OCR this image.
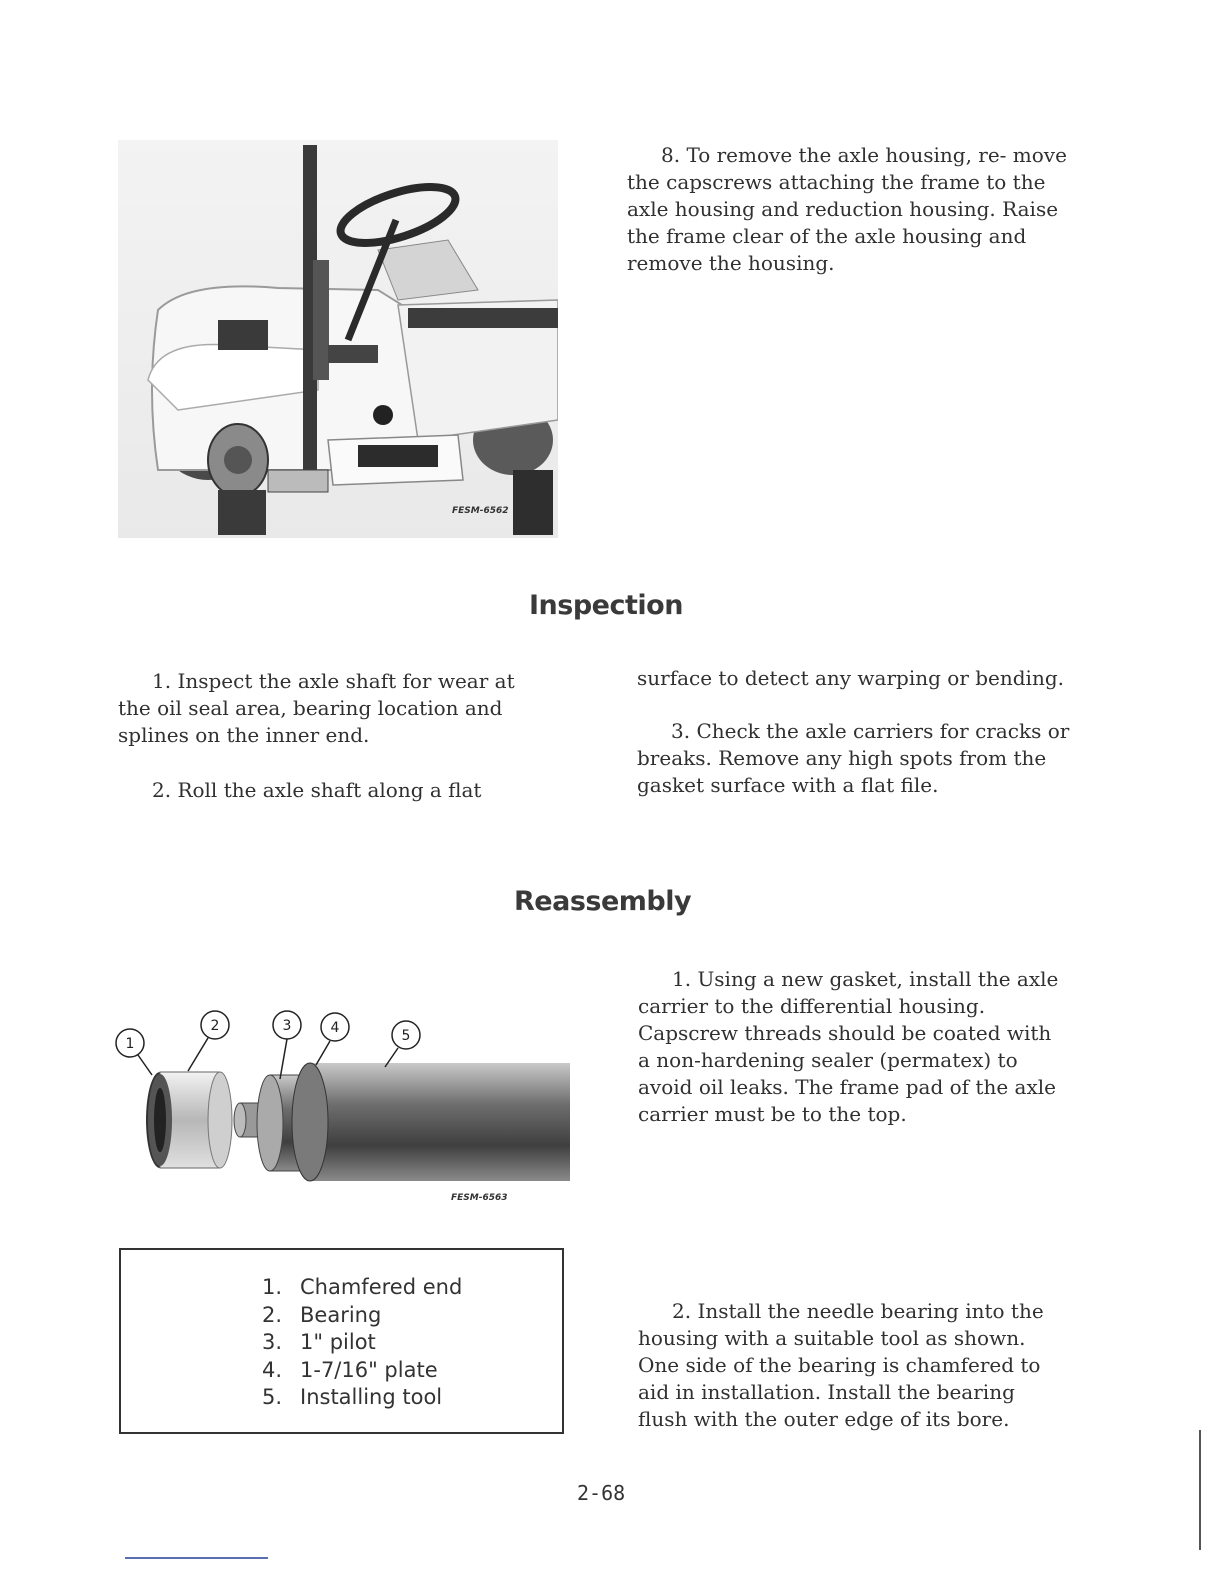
FESM-6562

8. To remove the axle housing, re- move the capscrews attaching the frame to the axle housing and reduction housing. Raise the frame clear of the axle housing and remove the housing.

Inspection

1. Inspect the axle shaft for wear at the oil seal area, bearing location and splines on the inner end.

2. Roll the axle shaft along a flat

surface to detect any warping or bending.

3. Check the axle carriers for cracks or breaks. Remove any high spots from the gasket surface with a flat file.

Reassembly
1
2	3	4	5
FESM-6563
1. Chamfered end
2. Bearing
3. 1" pilot
4. 1-7/16" plate
5. Installing tool

1. Using a new gasket, install the axle carrier to the differential housing. Capscrew threads should be coated with a non-hardening sealer (permatex) to avoid oil leaks. The frame pad of the axle carrier must be to the top.

2. Install the needle bearing into the housing with a suitable tool as shown. One side of the bearing is chamfered to aid in installation. Install the bearing flush with the outer edge of its bore.

2-68
